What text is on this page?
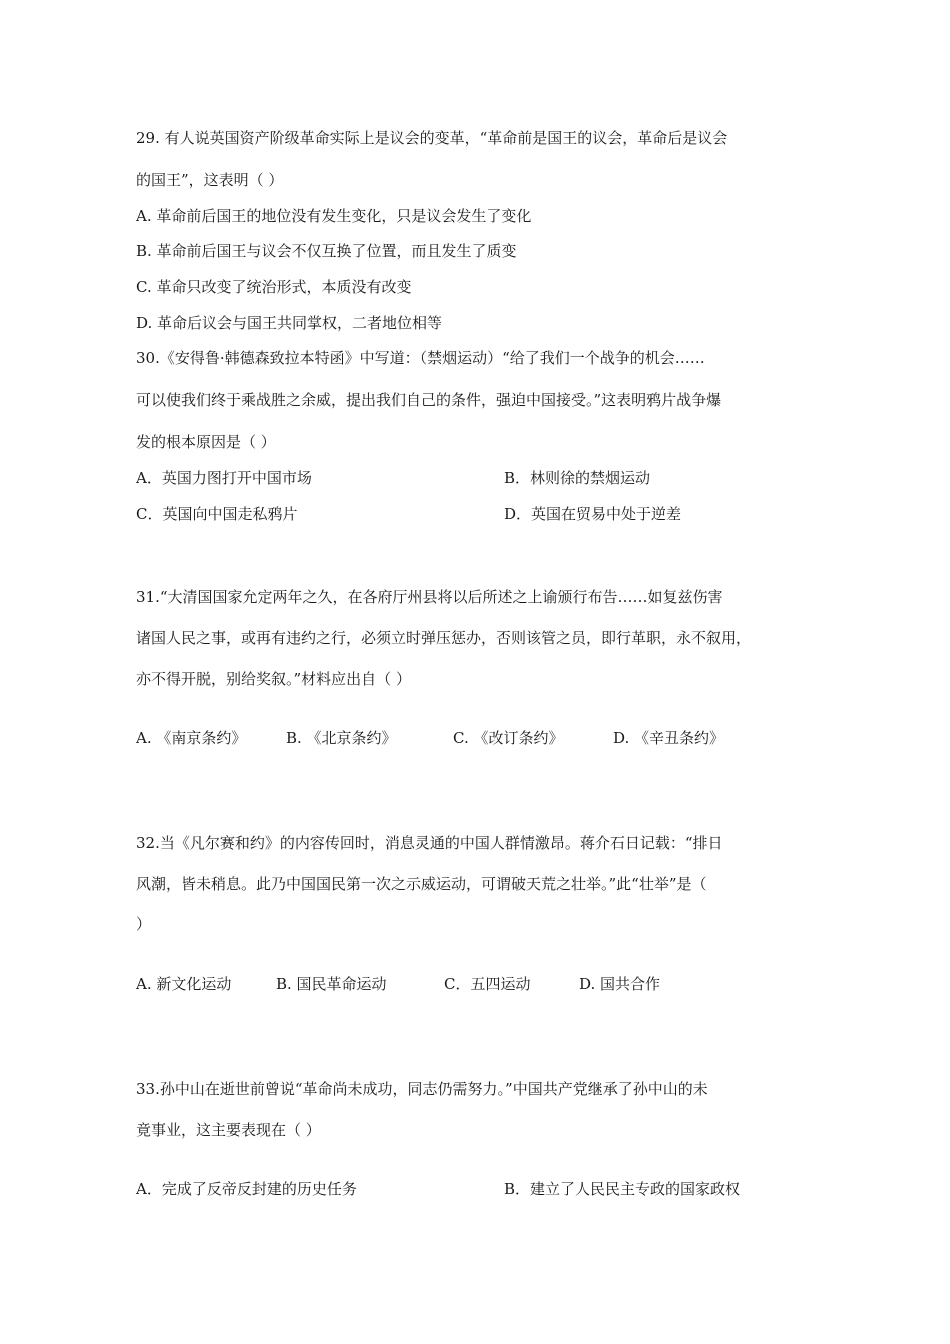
29. 有人说英国资产阶级革命实际上是议会的变革，“革命前是国王的议会，革命后是议会
的国王”，这表明（ ）
A. 革命前后国王的地位没有发生变化，只是议会发生了变化
B. 革命前后国王与议会不仅互换了位置，而且发生了质变
C. 革命只改变了统治形式，本质没有改变
D. 革命后议会与国王共同掌权，二者地位相等
30.《安得鲁·韩德森致拉本特函》中写道：（禁烟运动）“给了我们一个战争的机会……
可以使我们终于乘战胜之余威，提出我们自己的条件，强迫中国接受。”这表明鸦片战争爆
发的根本原因是（ ）
A．英国力图打开中国市场	B．林则徐的禁烟运动
C．英国向中国走私鸦片	D．英国在贸易中处于逆差
31.“大清国国家允定两年之久，在各府厅州县将以后所述之上谕颁行布告……如复兹伤害
诸国人民之事，或再有违约之行，必须立时弹压惩办，否则该管之员，即行革职，永不叙用，
亦不得开脱，别给奖叙。”材料应出自（ ）
A. 《南京条约》	B. 《北京条约》	C. 《改订条约》	D. 《辛丑条约》
32.当《凡尔赛和约》的内容传回时，消息灵通的中国人群情激昂。蒋介石日记载：“排日
风潮，皆未稍息。此乃中国国民第一次之示威运动，可谓破天荒之壮举。”此“壮举”是（
）
A. 新文化运动	B. 国民革命运动	C．五四运动	D. 国共合作
33.孙中山在逝世前曾说“革命尚未成功，同志仍需努力。”中国共产党继承了孙中山的未
竟事业，这主要表现在（ ）
A．完成了反帝反封建的历史任务	B．建立了人民民主专政的国家政权
